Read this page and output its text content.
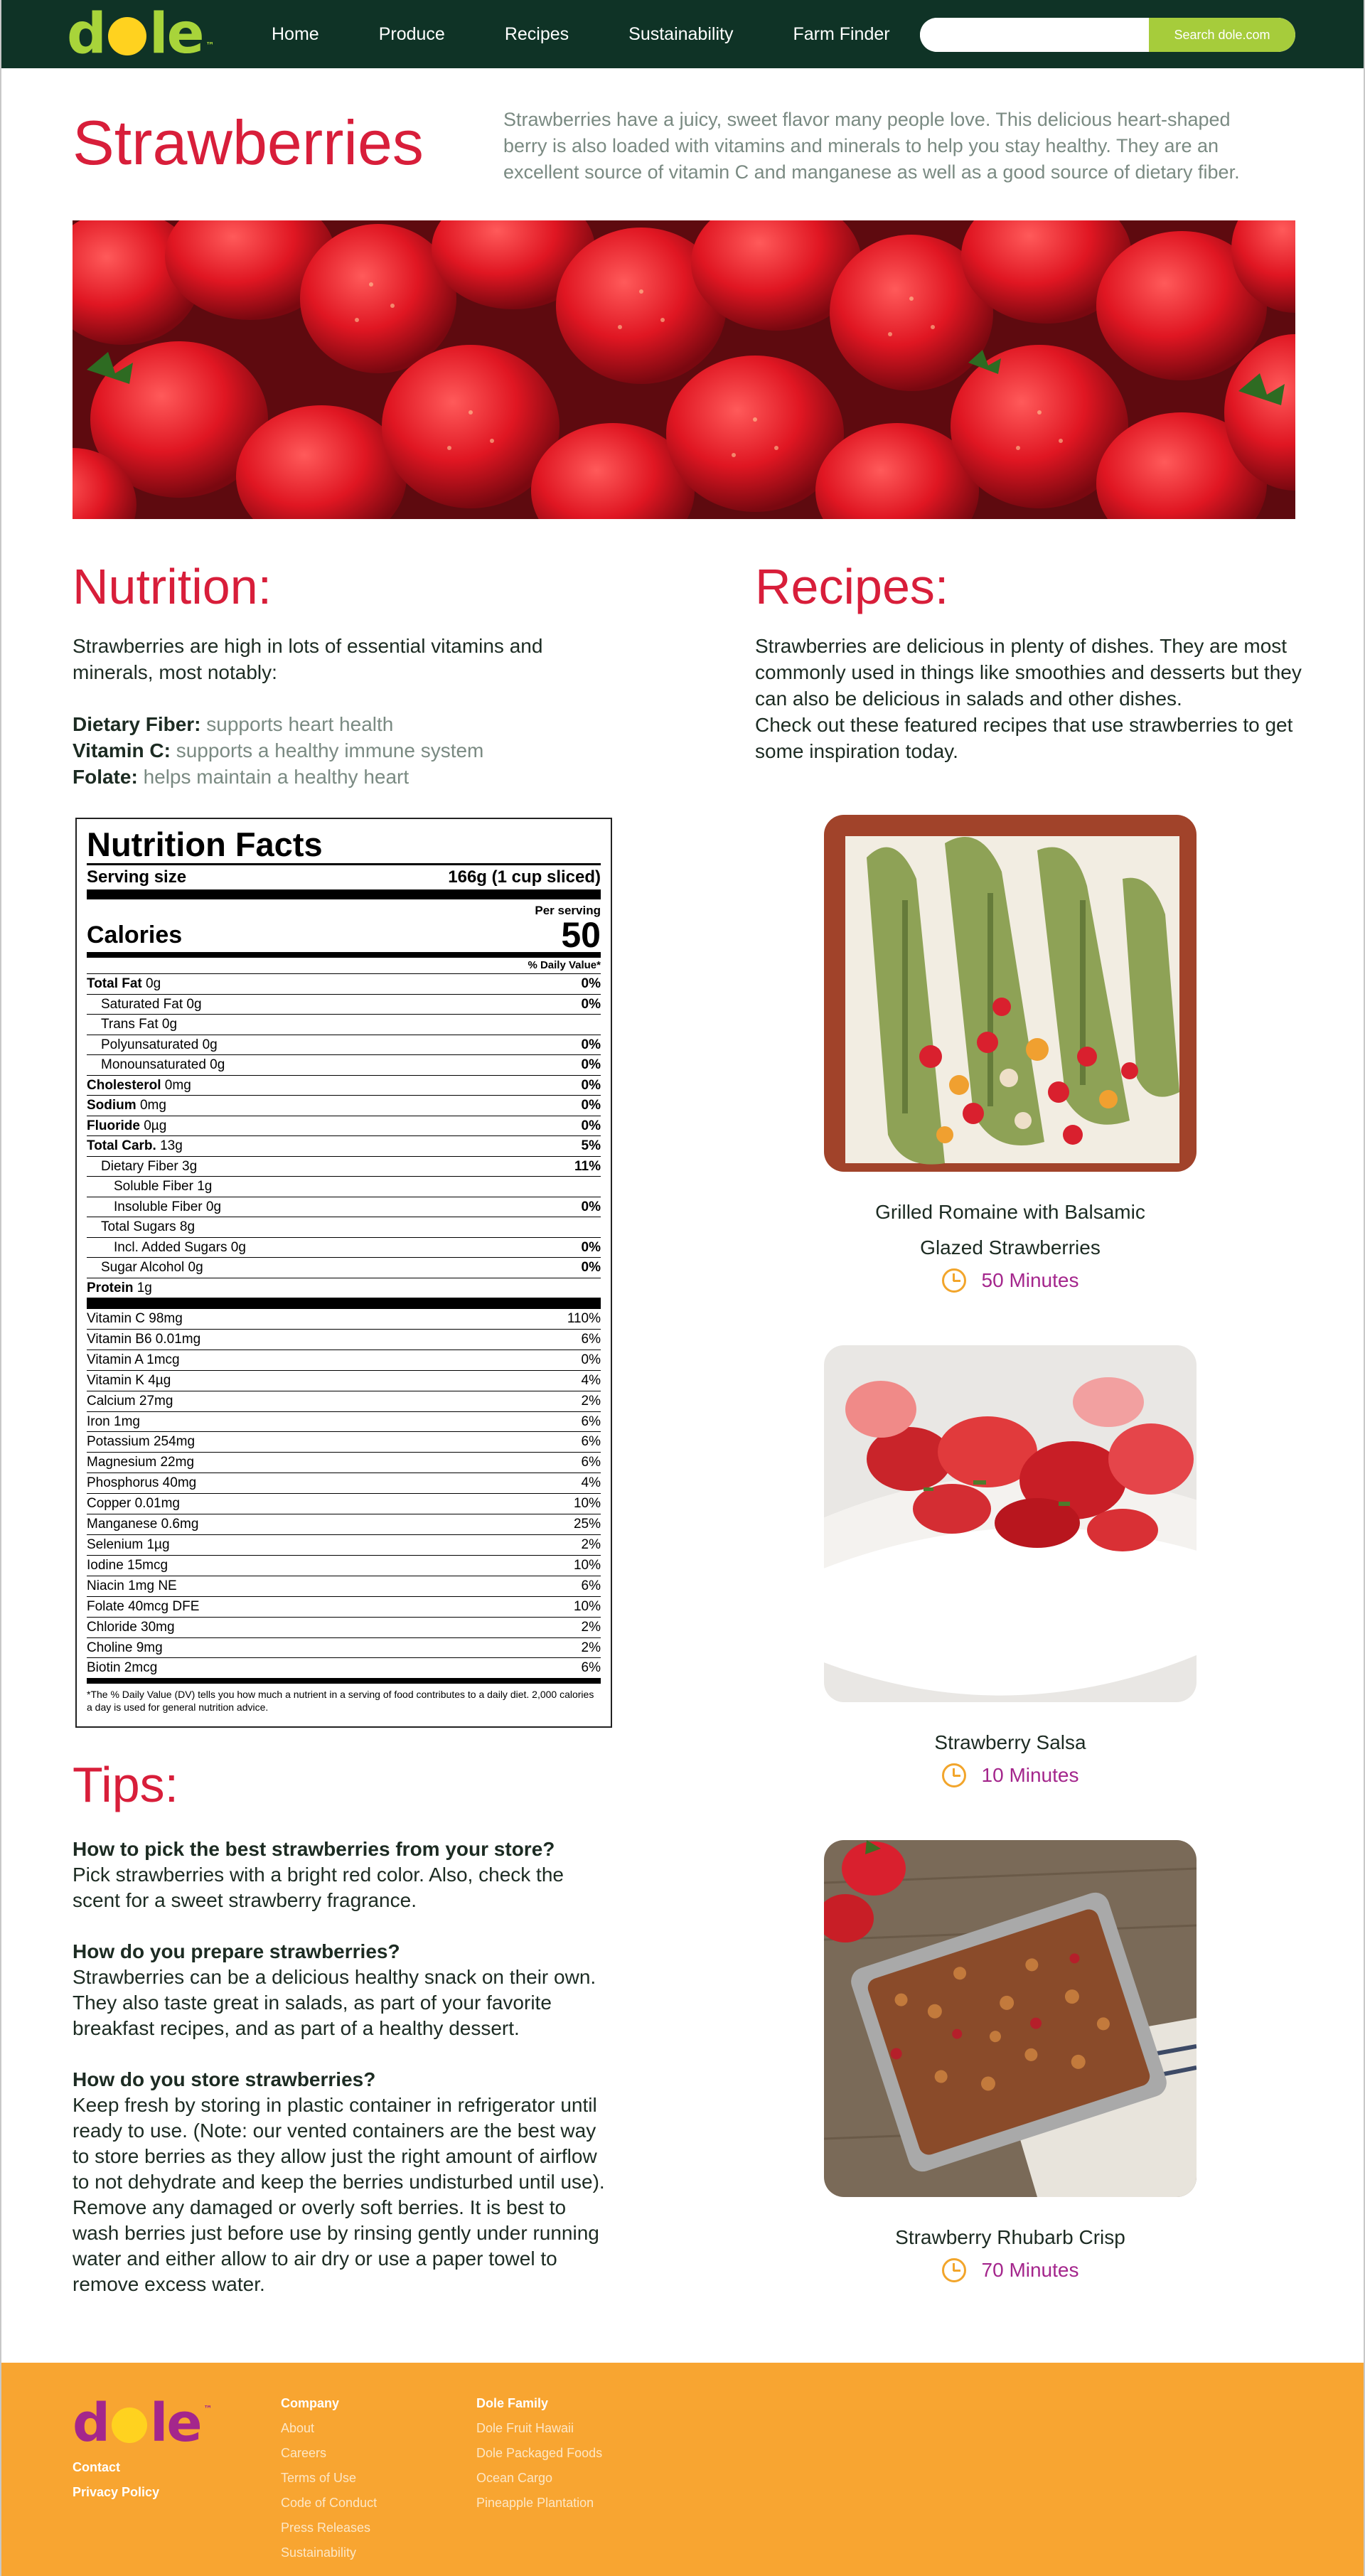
d le $_™$
Home	Produce	Recipes	Sustainability	Farm Finder	Search dole.com
Strawberries	Strawberries have a juicy, sweet flavor many people love. This delicious heart-shaped berry is also loaded with vitamins and minerals to help you stay healthy. They are an excellent source of vitamin C and manganese as well as a good source of dietary fiber.

Nutrition:

Strawberries are high in lots of essential vitamins and minerals, most notably:

Dietary Fiber: supports heart health
Vitamin C: supports a healthy immune system
Folate: helps maintain a healthy heart
Nutrition Facts
Serving size	166g (1 cup sliced)
Per serving
Calories	50
% Daily Value*
Total Fat 0g	0%
Saturated Fat 0g	0%
Trans Fat 0g
Polyunsaturated 0g	0%
Monounsaturated 0g	0%
Cholesterol 0mg	0%
Sodium 0mg	0%
Fluoride 0µg	0%
Total Carb. 13g	5%
Dietary Fiber 3g	11%
Soluble Fiber 1g
Insoluble Fiber 0g	0%
Total Sugars 8g
Incl. Added Sugars 0g	0%
Sugar Alcohol 0g	0%
Protein 1g
Vitamin C 98mg	110%
Vitamin B6 0.01mg	6%
Vitamin A 1mcg	0%
Vitamin K 4µg	4%
Calcium 27mg	2%
Iron 1mg	6%
Potassium 254mg	6%
Magnesium 22mg	6%
Phosphorus 40mg	4%
Copper 0.01mg	10%
Manganese 0.6mg	25%
Selenium 1µg	2%
Iodine 15mcg	10%
Niacin 1mg NE	6%
Folate 40mcg DFE	10%
Chloride 30mg	2%
Choline 9mg	2%
Biotin 2mcg	6%
*The % Daily Value (DV) tells you how much a nutrient in a serving of food contributes to a daily diet. 2,000 calories a day is used for general nutrition advice.
Tips:
How to pick the best strawberries from your store?
Pick strawberries with a bright red color. Also, check the scent for a sweet strawberry fragrance.
How do you prepare strawberries?
Strawberries can be a delicious healthy snack on their own. They also taste great in salads, as part of your favorite breakfast recipes, and as part of a healthy dessert.
How do you store strawberries?
Keep fresh by storing in plastic container in refrigerator until ready to use. (Note: our vented containers are the best way to store berries as they allow just the right amount of airflow to not dehydrate and keep the berries undisturbed until use). Remove any damaged or overly soft berries. It is best to wash berries just before use by rinsing gently under running water and either allow to air dry or use a paper towel to remove excess water.
Recipes:

Strawberries are delicious in plenty of dishes. They are most commonly used in things like smoothies and desserts but they can also be delicious in salads and other dishes.

Check out these featured recipes that use strawberries to get some inspiration today.

Grilled Romaine with Balsamic
Glazed Strawberries
50 Minutes
Strawberry Salsa
10 Minutes
Strawberry Rhubarb Crisp
70 Minutes
d le ™
Contact
Privacy Policy
Company
About
Careers
Terms of Use
Code of Conduct
Press Releases
Sustainability
Dole Family
Dole Fruit Hawaii
Dole Packaged Foods
Ocean Cargo
Pineapple Plantation
